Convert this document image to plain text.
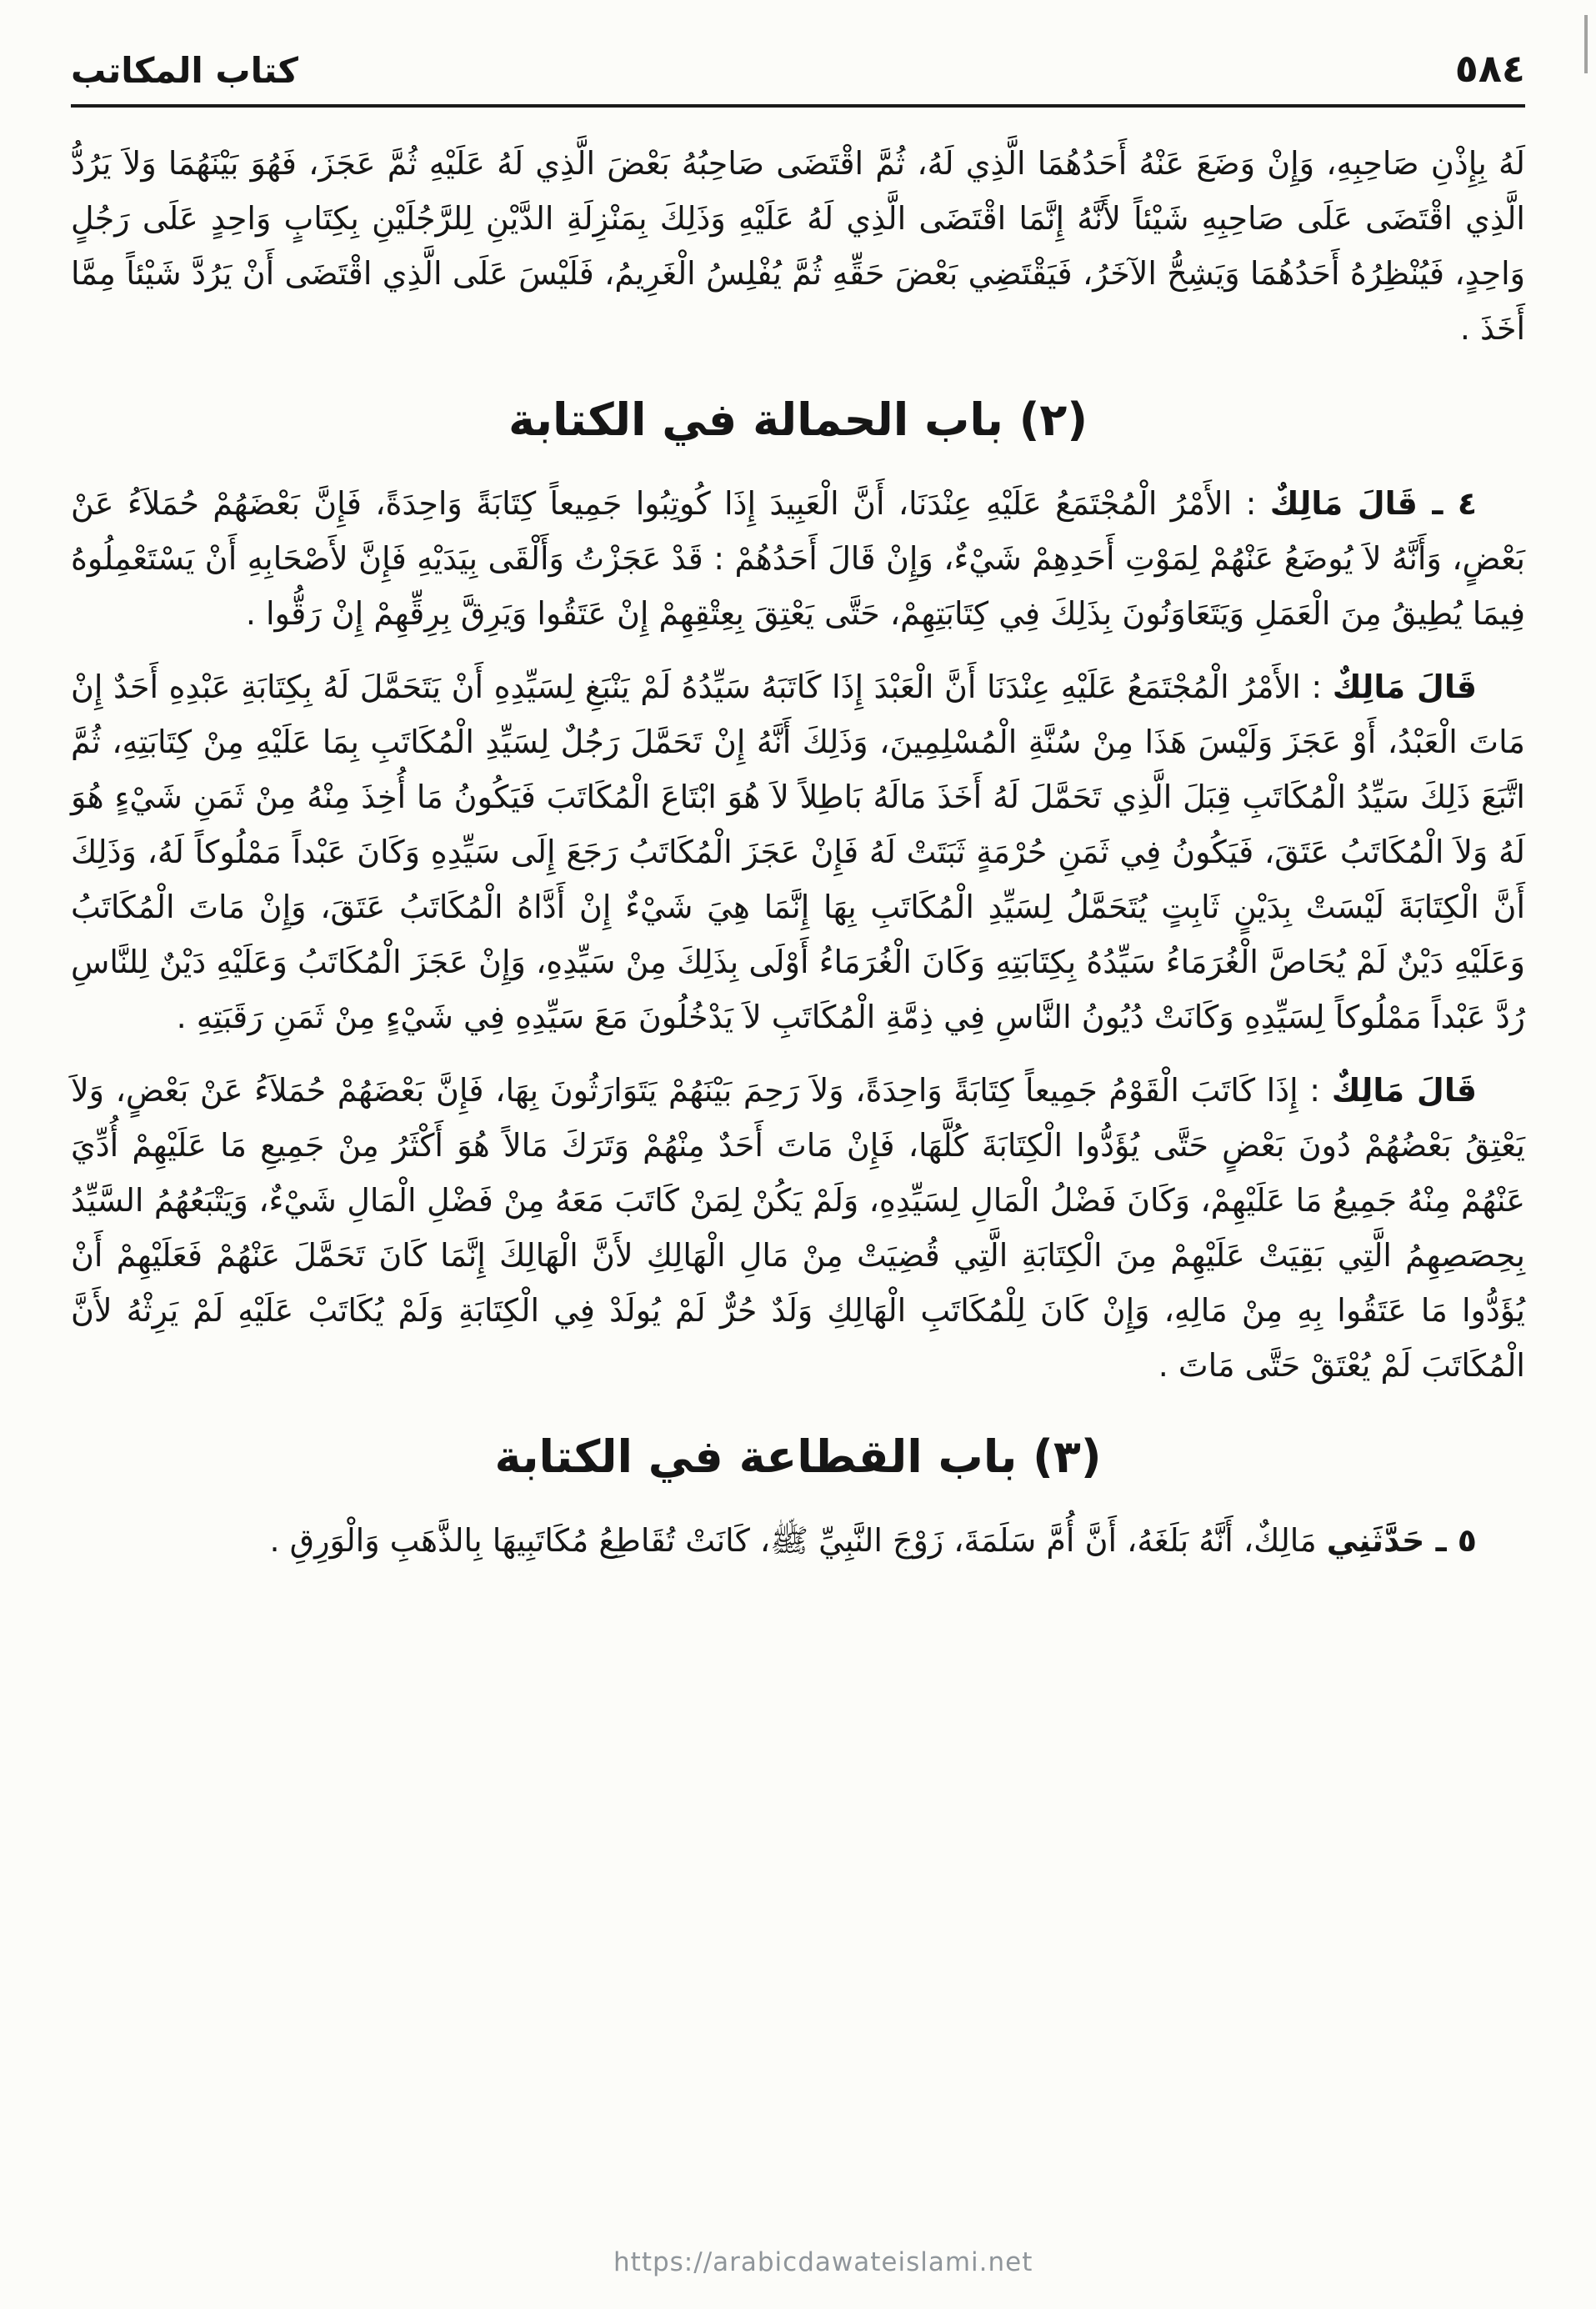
٥٨٤
كتاب المكاتب

لَهُ بِإِذْنِ صَاحِبِهِ، وَإِنْ وَضَعَ عَنْهُ أَحَدُهُمَا الَّذِي لَهُ، ثُمَّ اقْتَضَى صَاحِبُهُ بَعْضَ الَّذِي لَهُ عَلَيْهِ ثُمَّ عَجَزَ، فَهُوَ بَيْنَهُمَا وَلاَ يَرُدُّ الَّذِي اقْتَضَى عَلَى صَاحِبِهِ شَيْئاً لأَنَّهُ إِنَّمَا اقْتَضَى الَّذِي لَهُ عَلَيْهِ وَذَلِكَ بِمَنْزِلَةِ الدَّيْنِ لِلرَّجُلَيْنِ بِكِتَابٍ وَاحِدٍ عَلَى رَجُلٍ وَاحِدٍ، فَيُنْظِرُهُ أَحَدُهُمَا وَيَشِحُّ الآخَرُ، فَيَقْتَضِي بَعْضَ حَقِّهِ ثُمَّ يُفْلِسُ الْغَرِيمُ، فَلَيْسَ عَلَى الَّذِي اقْتَضَى أَنْ يَرُدَّ شَيْئاً مِمَّا أَخَذَ .

(٢) باب الحمالة في الكتابة

٤ ـ قَالَ مَالِكٌ : الأَمْرُ الْمُجْتَمَعُ عَلَيْهِ عِنْدَنَا، أَنَّ الْعَبِيدَ إِذَا كُوتِبُوا جَمِيعاً كِتَابَةً وَاحِدَةً، فَإِنَّ بَعْضَهُمْ حُمَلاَءُ عَنْ بَعْضٍ، وَأَنَّهُ لاَ يُوضَعُ عَنْهُمْ لِمَوْتِ أَحَدِهِمْ شَيْءٌ، وَإِنْ قَالَ أَحَدُهُمْ : قَدْ عَجَزْتُ وَأَلْقَى بِيَدَيْهِ فَإِنَّ لأَصْحَابِهِ أَنْ يَسْتَعْمِلُوهُ فِيمَا يُطِيقُ مِنَ الْعَمَلِ وَيَتَعَاوَنُونَ بِذَلِكَ فِي كِتَابَتِهِمْ، حَتَّى يَعْتِقَ بِعِتْقِهِمْ إِنْ عَتَقُوا وَيَرِقَّ بِرِقِّهِمْ إِنْ رَقُّوا .

قَالَ مَالِكٌ : الأَمْرُ الْمُجْتَمَعُ عَلَيْهِ عِنْدَنَا أَنَّ الْعَبْدَ إِذَا كَاتَبَهُ سَيِّدُهُ لَمْ يَنْبَغِ لِسَيِّدِهِ أَنْ يَتَحَمَّلَ لَهُ بِكِتَابَةِ عَبْدِهِ أَحَدٌ إِنْ مَاتَ الْعَبْدُ، أَوْ عَجَزَ وَلَيْسَ هَذَا مِنْ سُنَّةِ الْمُسْلِمِينَ، وَذَلِكَ أَنَّهُ إِنْ تَحَمَّلَ رَجُلٌ لِسَيِّدِ الْمُكَاتَبِ بِمَا عَلَيْهِ مِنْ كِتَابَتِهِ، ثُمَّ اتَّبَعَ ذَلِكَ سَيِّدُ الْمُكَاتَبِ قِبَلَ الَّذِي تَحَمَّلَ لَهُ أَخَذَ مَالَهُ بَاطِلاً لاَ هُوَ ابْتَاعَ الْمُكَاتَبَ فَيَكُونُ مَا أُخِذَ مِنْهُ مِنْ ثَمَنِ شَيْءٍ هُوَ لَهُ وَلاَ الْمُكَاتَبُ عَتَقَ، فَيَكُونُ فِي ثَمَنِ حُرْمَةٍ ثَبَتَتْ لَهُ فَإِنْ عَجَزَ الْمُكَاتَبُ رَجَعَ إِلَى سَيِّدِهِ وَكَانَ عَبْداً مَمْلُوكاً لَهُ، وَذَلِكَ أَنَّ الْكِتَابَةَ لَيْسَتْ بِدَيْنٍ ثَابِتٍ يُتَحَمَّلُ لِسَيِّدِ الْمُكَاتَبِ بِهَا إِنَّمَا هِيَ شَيْءٌ إِنْ أَدَّاهُ الْمُكَاتَبُ عَتَقَ، وَإِنْ مَاتَ الْمُكَاتَبُ وَعَلَيْهِ دَيْنٌ لَمْ يُحَاصَّ الْغُرَمَاءُ سَيِّدُهُ بِكِتَابَتِهِ وَكَانَ الْغُرَمَاءُ أَوْلَى بِذَلِكَ مِنْ سَيِّدِهِ، وَإِنْ عَجَزَ الْمُكَاتَبُ وَعَلَيْهِ دَيْنٌ لِلنَّاسِ رُدَّ عَبْداً مَمْلُوكاً لِسَيِّدِهِ وَكَانَتْ دُيُونُ النَّاسِ فِي ذِمَّةِ الْمُكَاتَبِ لاَ يَدْخُلُونَ مَعَ سَيِّدِهِ فِي شَيْءٍ مِنْ ثَمَنِ رَقَبَتِهِ .

قَالَ مَالِكٌ : إِذَا كَاتَبَ الْقَوْمُ جَمِيعاً كِتَابَةً وَاحِدَةً، وَلاَ رَحِمَ بَيْنَهُمْ يَتَوَارَثُونَ بِهَا، فَإِنَّ بَعْضَهُمْ حُمَلاَءُ عَنْ بَعْضٍ، وَلاَ يَعْتِقُ بَعْضُهُمْ دُونَ بَعْضٍ حَتَّى يُؤَدُّوا الْكِتَابَةَ كُلَّهَا، فَإِنْ مَاتَ أَحَدٌ مِنْهُمْ وَتَرَكَ مَالاً هُوَ أَكْثَرُ مِنْ جَمِيعِ مَا عَلَيْهِمْ أُدِّيَ عَنْهُمْ مِنْهُ جَمِيعُ مَا عَلَيْهِمْ، وَكَانَ فَضْلُ الْمَالِ لِسَيِّدِهِ، وَلَمْ يَكُنْ لِمَنْ كَاتَبَ مَعَهُ مِنْ فَضْلِ الْمَالِ شَيْءٌ، وَيَتْبَعُهُمُ السَّيِّدُ بِحِصَصِهِمُ الَّتِي بَقِيَتْ عَلَيْهِمْ مِنَ الْكِتَابَةِ الَّتِي قُضِيَتْ مِنْ مَالِ الْهَالِكِ لأَنَّ الْهَالِكَ إِنَّمَا كَانَ تَحَمَّلَ عَنْهُمْ فَعَلَيْهِمْ أَنْ يُؤَدُّوا مَا عَتَقُوا بِهِ مِنْ مَالِهِ، وَإِنْ كَانَ لِلْمُكَاتَبِ الْهَالِكِ وَلَدٌ حُرٌّ لَمْ يُولَدْ فِي الْكِتَابَةِ وَلَمْ يُكَاتَبْ عَلَيْهِ لَمْ يَرِثْهُ لأَنَّ الْمُكَاتَبَ لَمْ يُعْتَقْ حَتَّى مَاتَ .

(٣) باب القطاعة في الكتابة

٥ ـ حَدَّثَنِي مَالِكٌ، أَنَّهُ بَلَغَهُ، أَنَّ أُمَّ سَلَمَةَ، زَوْجَ النَّبِيِّ ﷺ، كَانَتْ تُقَاطِعُ مُكَاتَبِيهَا بِالذَّهَبِ وَالْوَرِقِ .

https://arabicdawateislami.net
